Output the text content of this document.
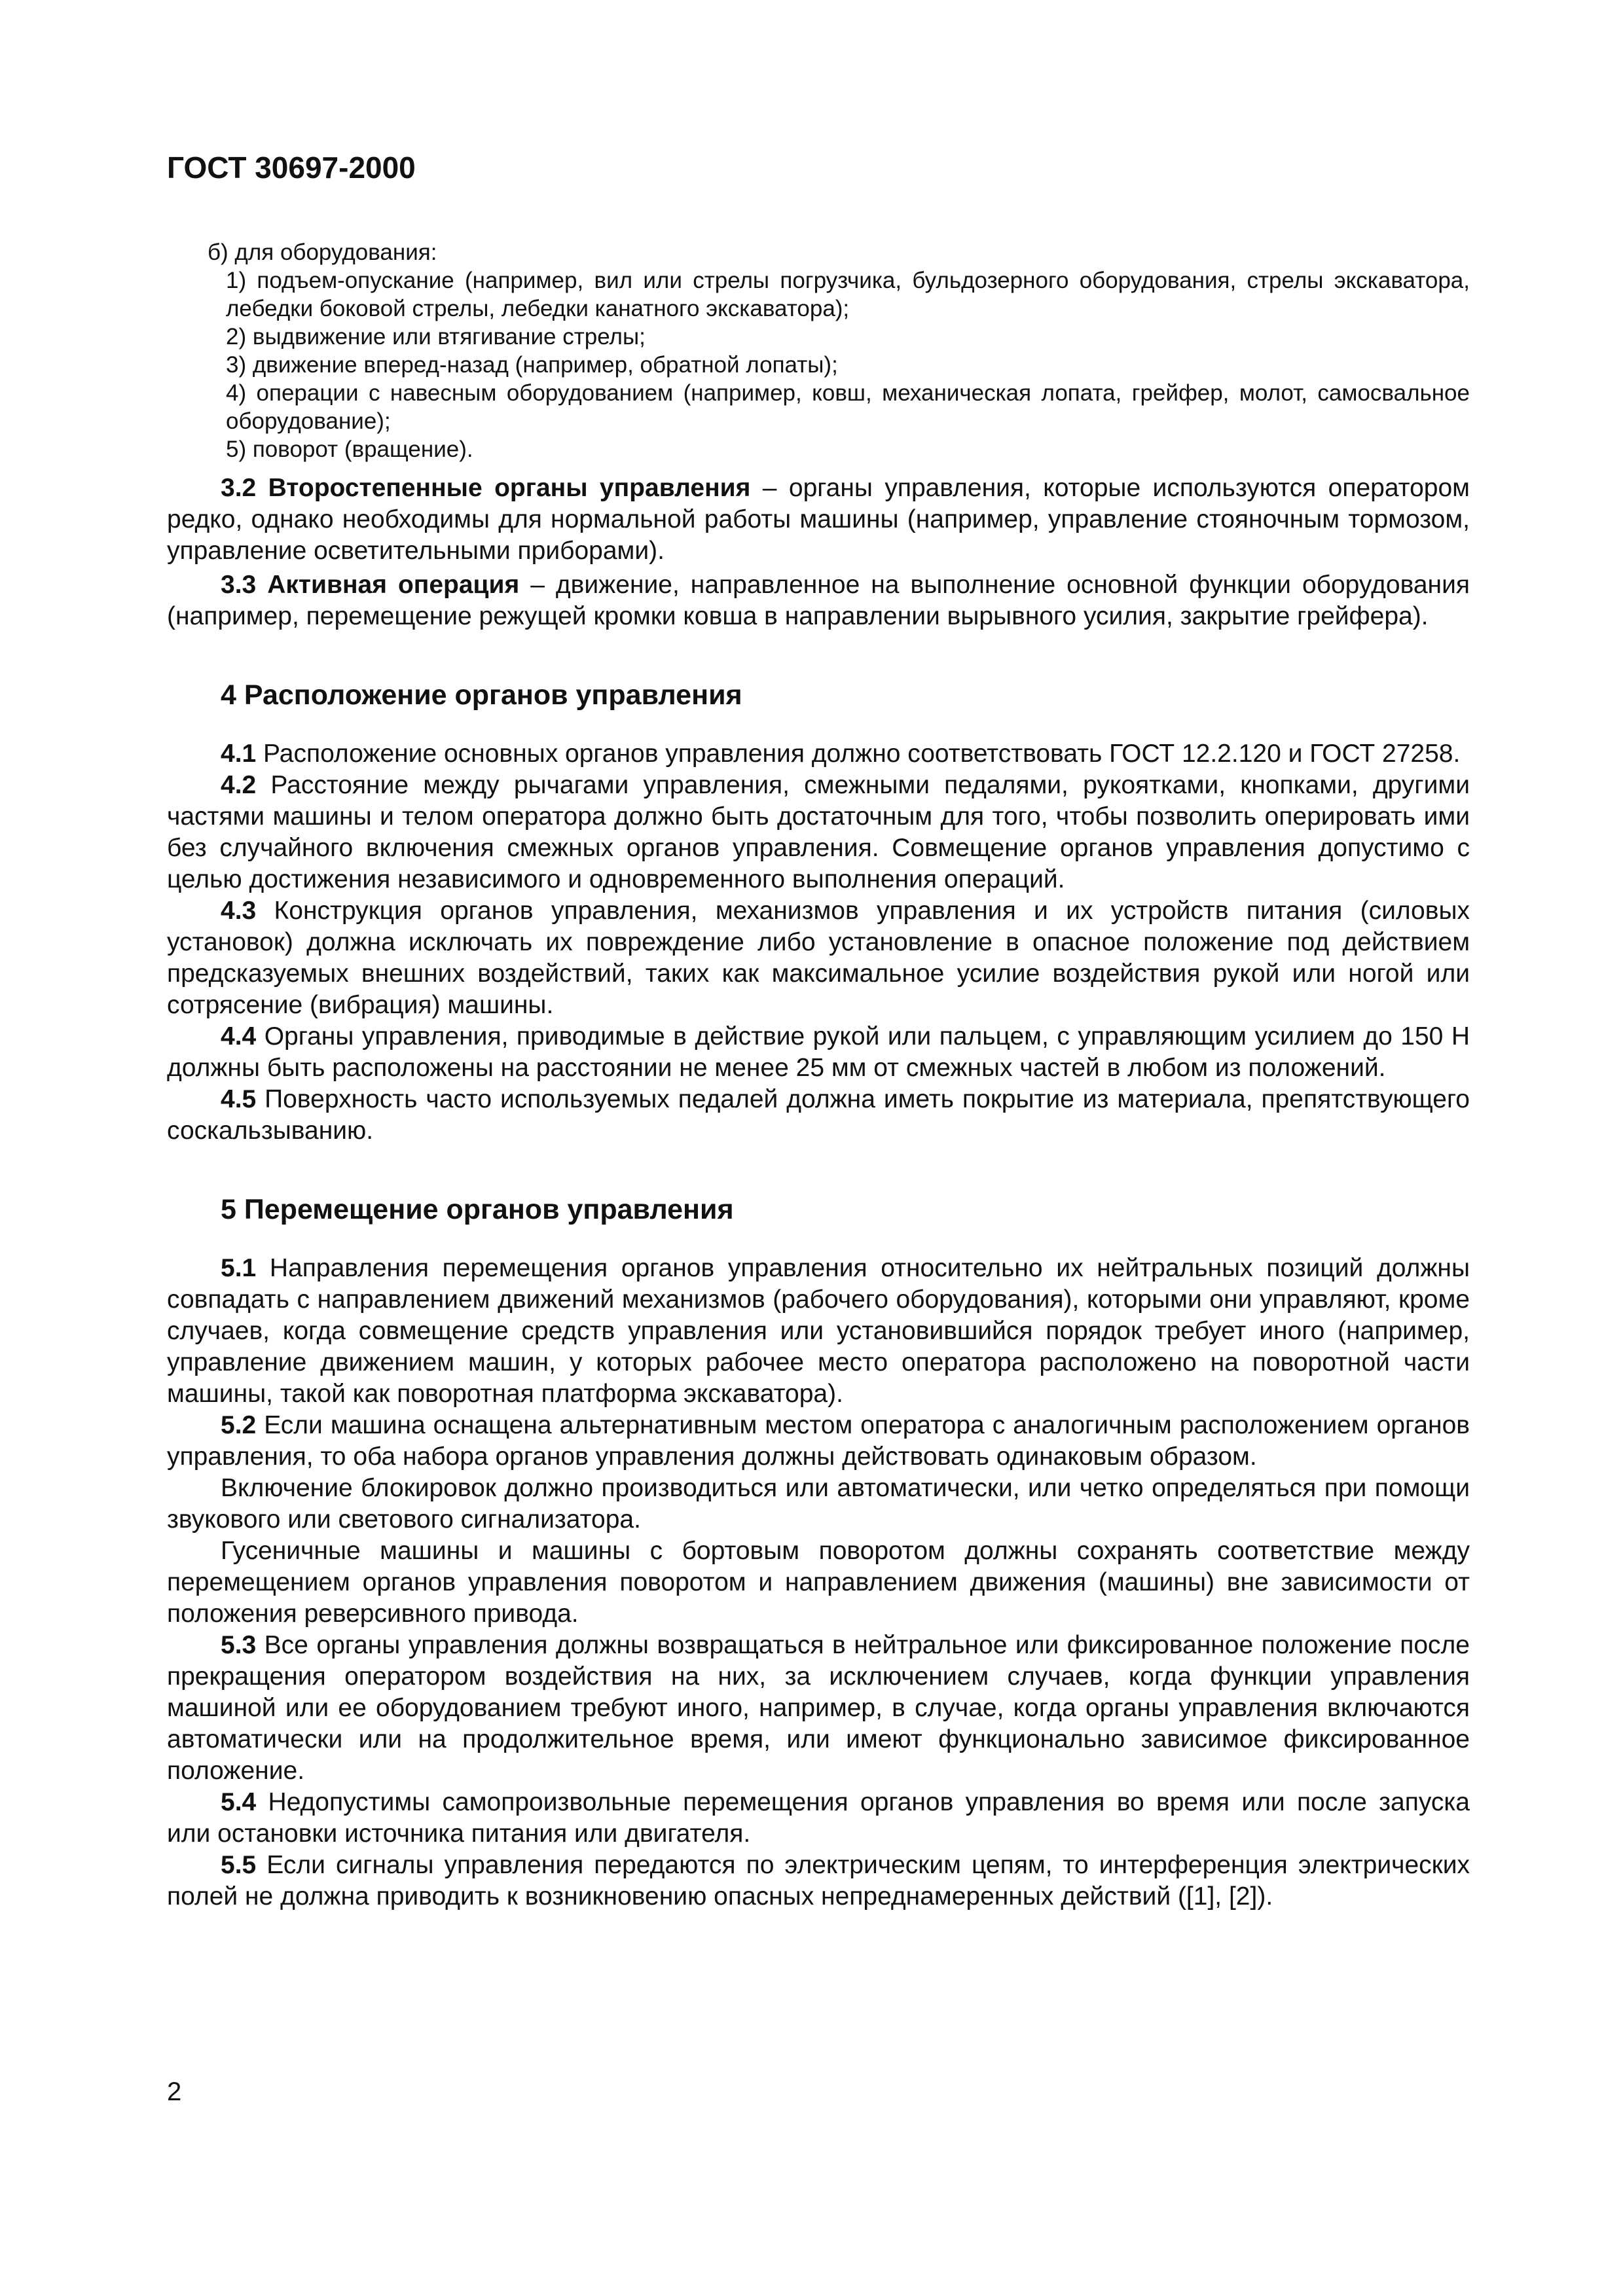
ГОСТ 30697-2000

б) для оборудования:

1) подъем-опускание (например, вил или стрелы погрузчика, бульдозерного оборудования, стрелы экскаватора, лебедки боковой стрелы, лебедки канатного экскаватора);

2) выдвижение или втягивание стрелы;

3) движение вперед-назад (например, обратной лопаты);

4) операции с навесным оборудованием (например, ковш, механическая лопата, грейфер, молот, самосвальное оборудование);

5) поворот (вращение).

3.2 Второстепенные органы управления – органы управления, которые используются оператором редко, однако необходимы для нормальной работы машины (например, управление стояночным тормозом, управление осветительными приборами).

3.3 Активная операция – движение, направленное на выполнение основной функции оборудования (например, перемещение режущей кромки ковша в направлении вырывного усилия, закрытие грейфера).

4 Расположение органов управления

4.1 Расположение основных органов управления должно соответствовать ГОСТ 12.2.120 и ГОСТ 27258.

4.2 Расстояние между рычагами управления, смежными педалями, рукоятками, кнопками, другими частями машины и телом оператора должно быть достаточным для того, чтобы позволить оперировать ими без случайного включения смежных органов управления. Совмещение органов управления допустимо с целью достижения независимого и одновременного выполнения операций.

4.3 Конструкция органов управления, механизмов управления и их устройств питания (силовых установок) должна исключать их повреждение либо установление в опасное положение под действием предсказуемых внешних воздействий, таких как максимальное усилие воздействия рукой или ногой или сотрясение (вибрация) машины.

4.4 Органы управления, приводимые в действие рукой или пальцем, с управляющим усилием до 150 Н должны быть расположены на расстоянии не менее 25 мм от смежных частей в любом из положений.

4.5 Поверхность часто используемых педалей должна иметь покрытие из материала, препятствующего соскальзыванию.

5 Перемещение органов управления

5.1 Направления перемещения органов управления относительно их нейтральных позиций должны совпадать с направлением движений механизмов (рабочего оборудования), которыми они управляют, кроме случаев, когда совмещение средств управления или установившийся порядок требует иного (например, управление движением машин, у которых рабочее место оператора расположено на поворотной части машины, такой как поворотная платформа экскаватора).

5.2 Если машина оснащена альтернативным местом оператора с аналогичным расположением органов управления, то оба набора органов управления должны действовать одинаковым образом.

Включение блокировок должно производиться или автоматически, или четко определяться при помощи звукового или светового сигнализатора.

Гусеничные машины и машины с бортовым поворотом должны сохранять соответствие между перемещением органов управления поворотом и направлением движения (машины) вне зависимости от положения реверсивного привода.

5.3 Все органы управления должны возвращаться в нейтральное или фиксированное положение после прекращения оператором воздействия на них, за исключением случаев, когда функции управления машиной или ее оборудованием требуют иного, например, в случае, когда органы управления включаются автоматически или на продолжительное время, или имеют функционально зависимое фиксированное положение.

5.4 Недопустимы самопроизвольные перемещения органов управления во время или после запуска или остановки источника питания или двигателя.

5.5 Если сигналы управления передаются по электрическим цепям, то интерференция электрических полей не должна приводить к возникновению опасных непреднамеренных действий ([1], [2]).

2
